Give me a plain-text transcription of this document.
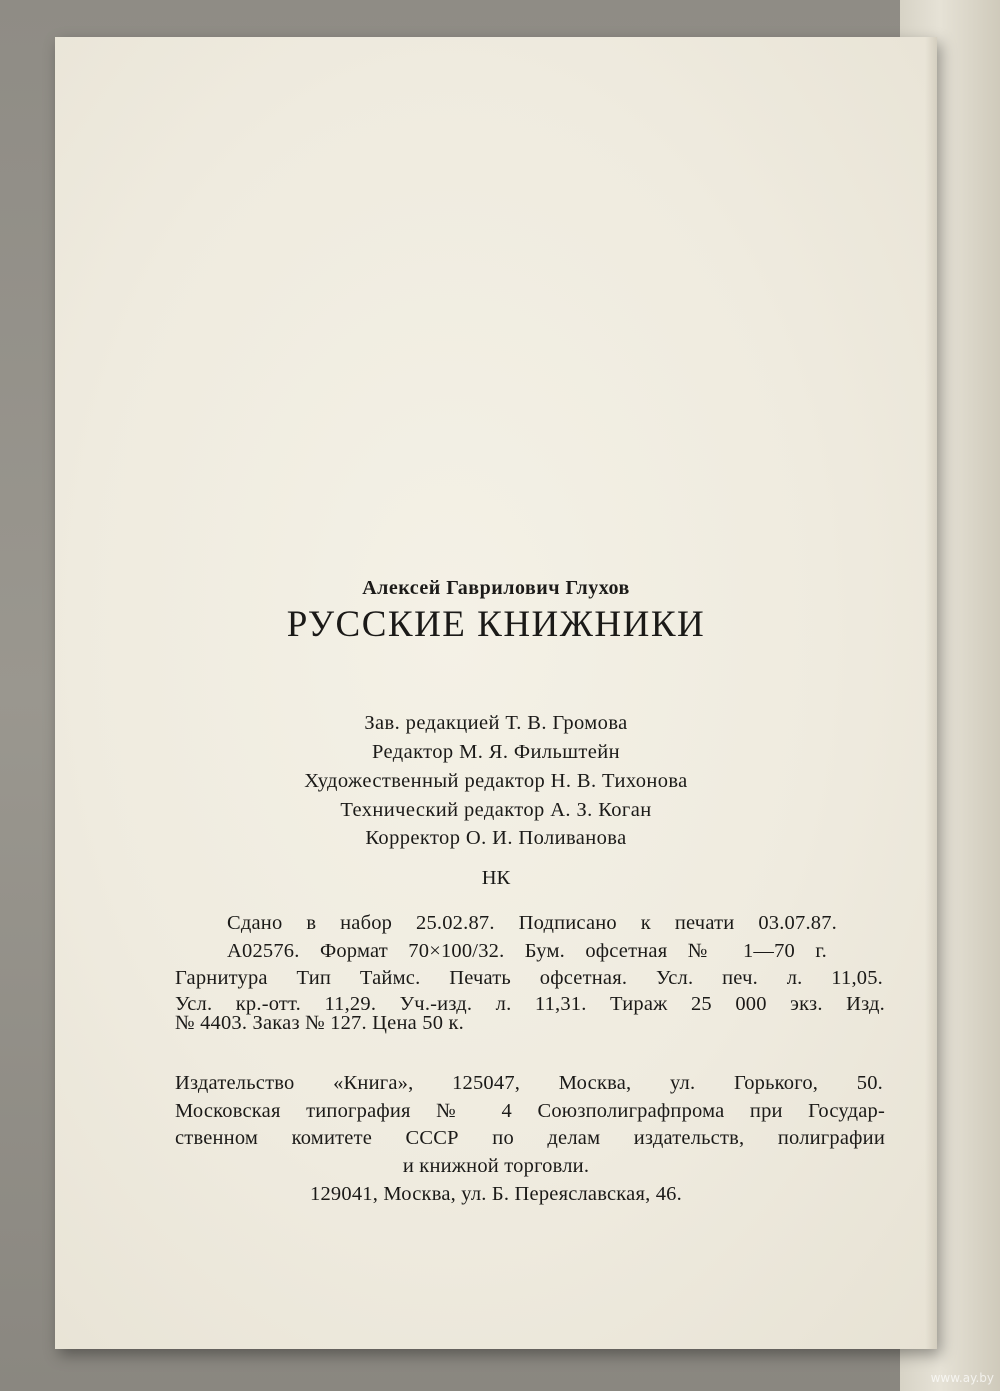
Алексей Гаврилович Глухов
РУССКИЕ КНИЖНИКИ
Зав. редакцией Т. В. Громова
Редактор М. Я. Фильштейн
Художественный редактор Н. В. Тихонова
Технический редактор А. З. Коган
Корректор О. И. Поливанова
НК
Сдано в набор 25.02.87. Подписано к печати 03.07.87.
А02576. Формат 70×100/32. Бум. офсетная № 1—70 г.
Гарнитура Тип Таймс. Печать офсетная. Усл. печ. л. 11,05.
Усл. кр.-отт. 11,29. Уч.-изд. л. 11,31. Тираж 25 000 экз. Изд.
№ 4403. Заказ № 127. Цена 50 к.
Издательство «Книга», 125047, Москва, ул. Горького, 50.
Московская типография № 4 Союзполиграфпрома при Государ-
ственном комитете СССР по делам издательств, полиграфии
и книжной торговли.
129041, Москва, ул. Б. Переяславская, 46.
www.ay.by
